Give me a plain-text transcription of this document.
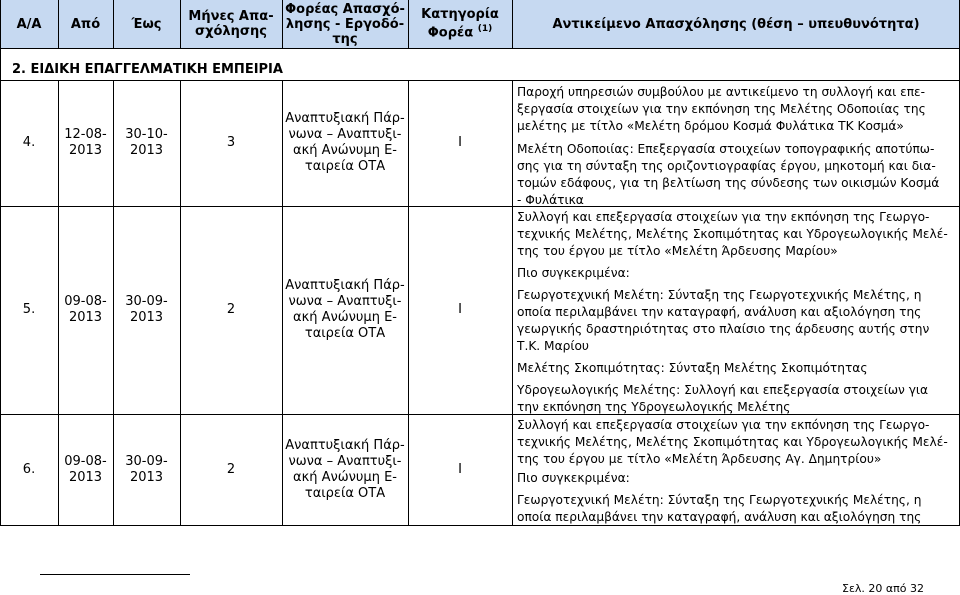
Α/Α Από Έως Μήνες Απα-
σχόλησης
Φορέας Απασχό-
λησης - Εργοδό-
της
Κατηγορία
Φορέα $^{(1)}$	Αντικείμενο Απασχόλησης (θέση – υπευθυνότητα)
2. ΕΙΔΙΚΗ ΕΠΑΓΓΕΛΜΑΤΙΚΗ ΕΜΠΕΙΡΙΑ
4.
12-08-
2013
30-10-
2013
3
Αναπτυξιακή Πάρ-
νωνα – Αναπτυξι-
ακή Ανώνυμη Ε-
ταιρεία ΟΤΑ
Ι

Παροχή υπηρεσιών συμβούλου με αντικείμενο τη συλλογή και επε-
ξεργασία στοιχείων για την εκπόνηση της Μελέτης Οδοποιίας της
μελέτης με τίτλο «Μελέτη δρόμου Κοσμά Φυλάτικα ΤΚ Κοσμά»

Μελέτη Οδοποιίας: Επεξεργασία στοιχείων τοπογραφικής αποτύπω-
σης για τη σύνταξη της οριζοντιογραφίας έργου, μηκοτομή και δια-
τομών εδάφους, για τη βελτίωση της σύνδεσης των οικισμών Κοσμά
- Φυλάτικα

5.
09-08-
2013
30-09-
2013
2
Αναπτυξιακή Πάρ-
νωνα – Αναπτυξι-
ακή Ανώνυμη Ε-
ταιρεία ΟΤΑ
Ι

Συλλογή και επεξεργασία στοιχείων για την εκπόνηση της Γεωργο-
τεχνικής Μελέτης, Μελέτης Σκοπιμότητας και Υδρογεωλογικής Μελέ-
της του έργου με τίτλο «Μελέτη Άρδευσης Μαρίου»

Πιο συγκεκριμένα:

Γεωργοτεχνική Μελέτη: Σύνταξη της Γεωργοτεχνικής Μελέτης, η
οποία περιλαμβάνει την καταγραφή, ανάλυση και αξιολόγηση της
γεωργικής δραστηριότητας στο πλαίσιο της άρδευσης αυτής στην
Τ.Κ. Μαρίου

Μελέτης Σκοπιμότητας: Σύνταξη Μελέτης Σκοπιμότητας

Υδρογεωλογικής Μελέτης: Συλλογή και επεξεργασία στοιχείων για
την εκπόνηση της Υδρογεωλογικής Μελέτης

6.
09-08-
2013
30-09-
2013
2
Αναπτυξιακή Πάρ-
νωνα – Αναπτυξι-
ακή Ανώνυμη Ε-
ταιρεία ΟΤΑ
Ι

Συλλογή και επεξεργασία στοιχείων για την εκπόνηση της Γεωργο-
τεχνικής Μελέτης, Μελέτης Σκοπιμότητας και Υδρογεωλογικής Μελέ-
της του έργου με τίτλο «Μελέτη Άρδευσης Αγ. Δημητρίου»

Πιο συγκεκριμένα:

Γεωργοτεχνική Μελέτη: Σύνταξη της Γεωργοτεχνικής Μελέτης, η
οποία περιλαμβάνει την καταγραφή, ανάλυση και αξιολόγηση της

Σελ. 20 από 32
